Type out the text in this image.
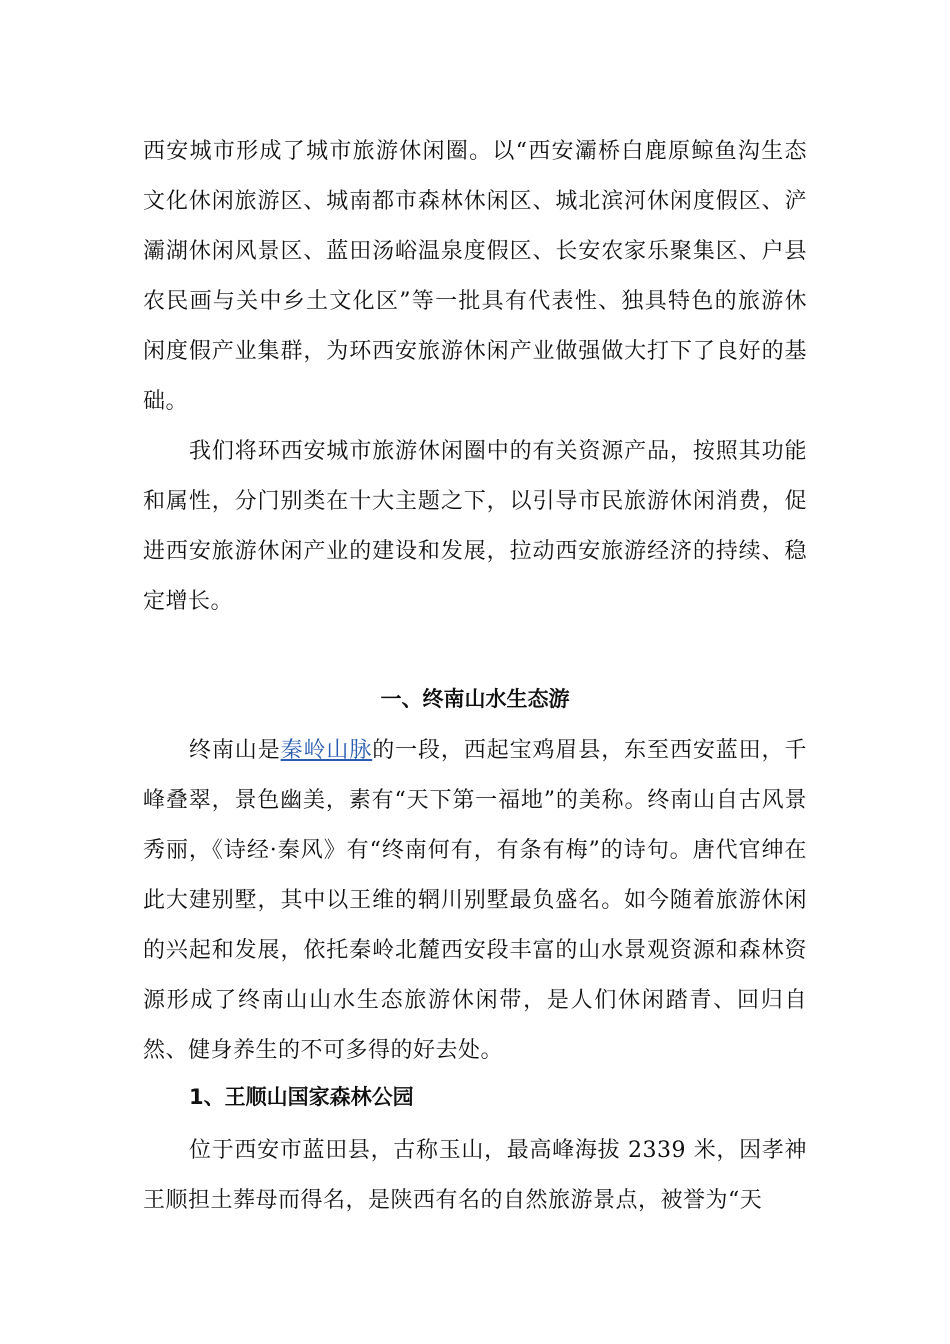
西安城市形成了城市旅游休闲圈。以“西安灞桥白鹿原鲸鱼沟生态文化休闲旅游区、城南都市森林休闲区、城北滨河休闲度假区、浐灞湖休闲风景区、蓝田汤峪温泉度假区、长安农家乐聚集区、户县农民画与关中乡土文化区”等一批具有代表性、独具特色的旅游休闲度假产业集群，为环西安旅游休闲产业做强做大打下了良好的基础。

我们将环西安城市旅游休闲圈中的有关资源产品，按照其功能和属性，分门别类在十大主题之下，以引导市民旅游休闲消费，促进西安旅游休闲产业的建设和发展，拉动西安旅游经济的持续、稳定增长。

一、终南山水生态游

终南山是秦岭山脉的一段，西起宝鸡眉县，东至西安蓝田，千峰叠翠，景色幽美，素有“天下第一福地”的美称。终南山自古风景秀丽，《诗经·秦风》有“终南何有，有条有梅”的诗句。唐代官绅在此大建别墅，其中以王维的辋川别墅最负盛名。如今随着旅游休闲的兴起和发展，依托秦岭北麓西安段丰富的山水景观资源和森林资源形成了终南山山水生态旅游休闲带，是人们休闲踏青、回归自然、健身养生的不可多得的好去处。

1、王顺山国家森林公园

位于西安市蓝田县，古称玉山，最高峰海拔 2339 米，因孝神王顺担土葬母而得名，是陕西有名的自然旅游景点，被誉为“天
